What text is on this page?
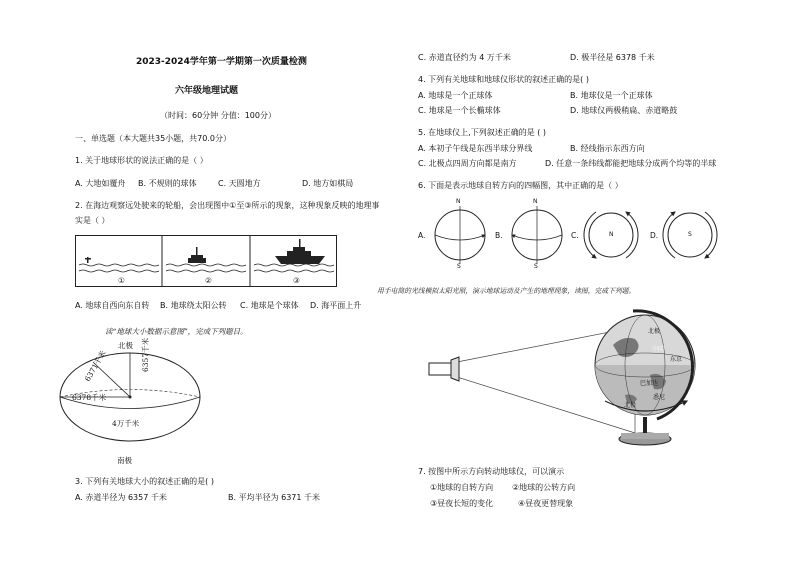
2023-2024学年第一学期第一次质量检测
六年级地理试题
（时间：60分钟 分值：100分）
一、单选题（本大题共35小题，共70.0分）
1. 关于地球形状的说法正确的是（ ）
A. 大地如覆舟 B. 不规则的球体	C. 天圆地方	D. 地方如棋局
2. 在海边观察远处驶来的轮船，会出现图中①至③所示的现象，这种现象反映的地理事
实是（ ）
①	②	③
A. 地球自西向东自转 B. 地球绕太阳公转 C. 地球是个球体 D. 海平面上升
读“地球大小数据示意图”，完成下列题目。
北极
南极
6371千米	6357千米
6378千米
4万千米
3. 下列有关地球大小的叙述正确的是( )
A. 赤道半径为 6357 千米	B. 平均半径为 6371 千米
C. 赤道直径约为 4 万千米	D. 极半径是 6378 千米
4. 下列有关地球和地球仪形状的叙述正确的是( )
A. 地球是一个正球体	B. 地球仪是一个正球体
C. 地球是一个长椭球体	D. 地球仪两极稍扁、赤道略鼓
5. 在地球仪上,下列叙述正确的是 ( )
A. 本初子午线是东西半球分界线	B. 经线指示东西方向
C. 北极点四周方向都是南方	D. 任意一条纬线都能把地球分成两个均等的半球
6. 下面是表示地球自转方向的四幅图，其中正确的是（ ）
A.	B.	C.	D.
N
S
N
S
N	S
用手电筒的光线模拟太阳光照，演示地球运动及产生的地理现象，读图，完成下列题。
北极
中国
东京
巴加达
悉尼
北极
7. 按图中所示方向转动地球仪，可以演示
①地球的自转方向 ②地球的公转方向
③昼夜长短的变化	④昼夜更替现象
